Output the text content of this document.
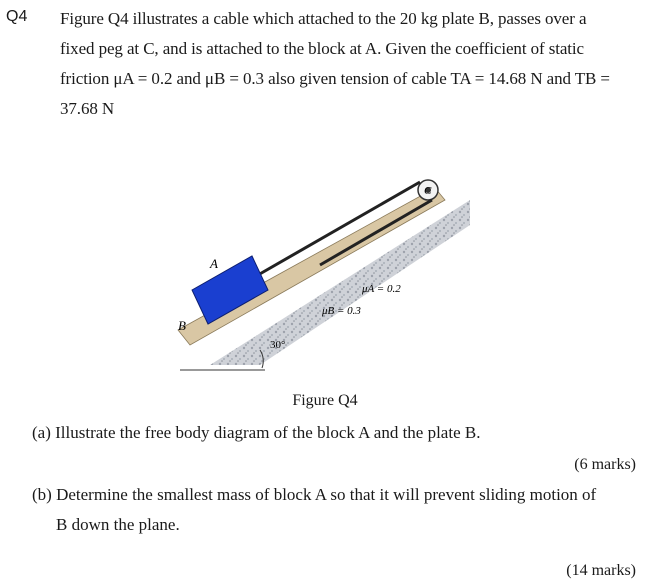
Q4 Figure Q4 illustrates a cable which attached to the 20 kg plate B, passes over a
fixed peg at C, and is attached to the block at A. Given the coefficient of static
friction μA = 0.2 and μB = 0.3 also given tension of cable TA = 14.68 N and TB =
37.68 N
A
B
C
μA = 0.2
μB = 0.3
30°
Figure Q4
(a) Illustrate the free body diagram of the block A and the plate B.
(6 marks)
(b) Determine the smallest mass of block A so that it will prevent sliding motion of
B down the plane.
(14 marks)
